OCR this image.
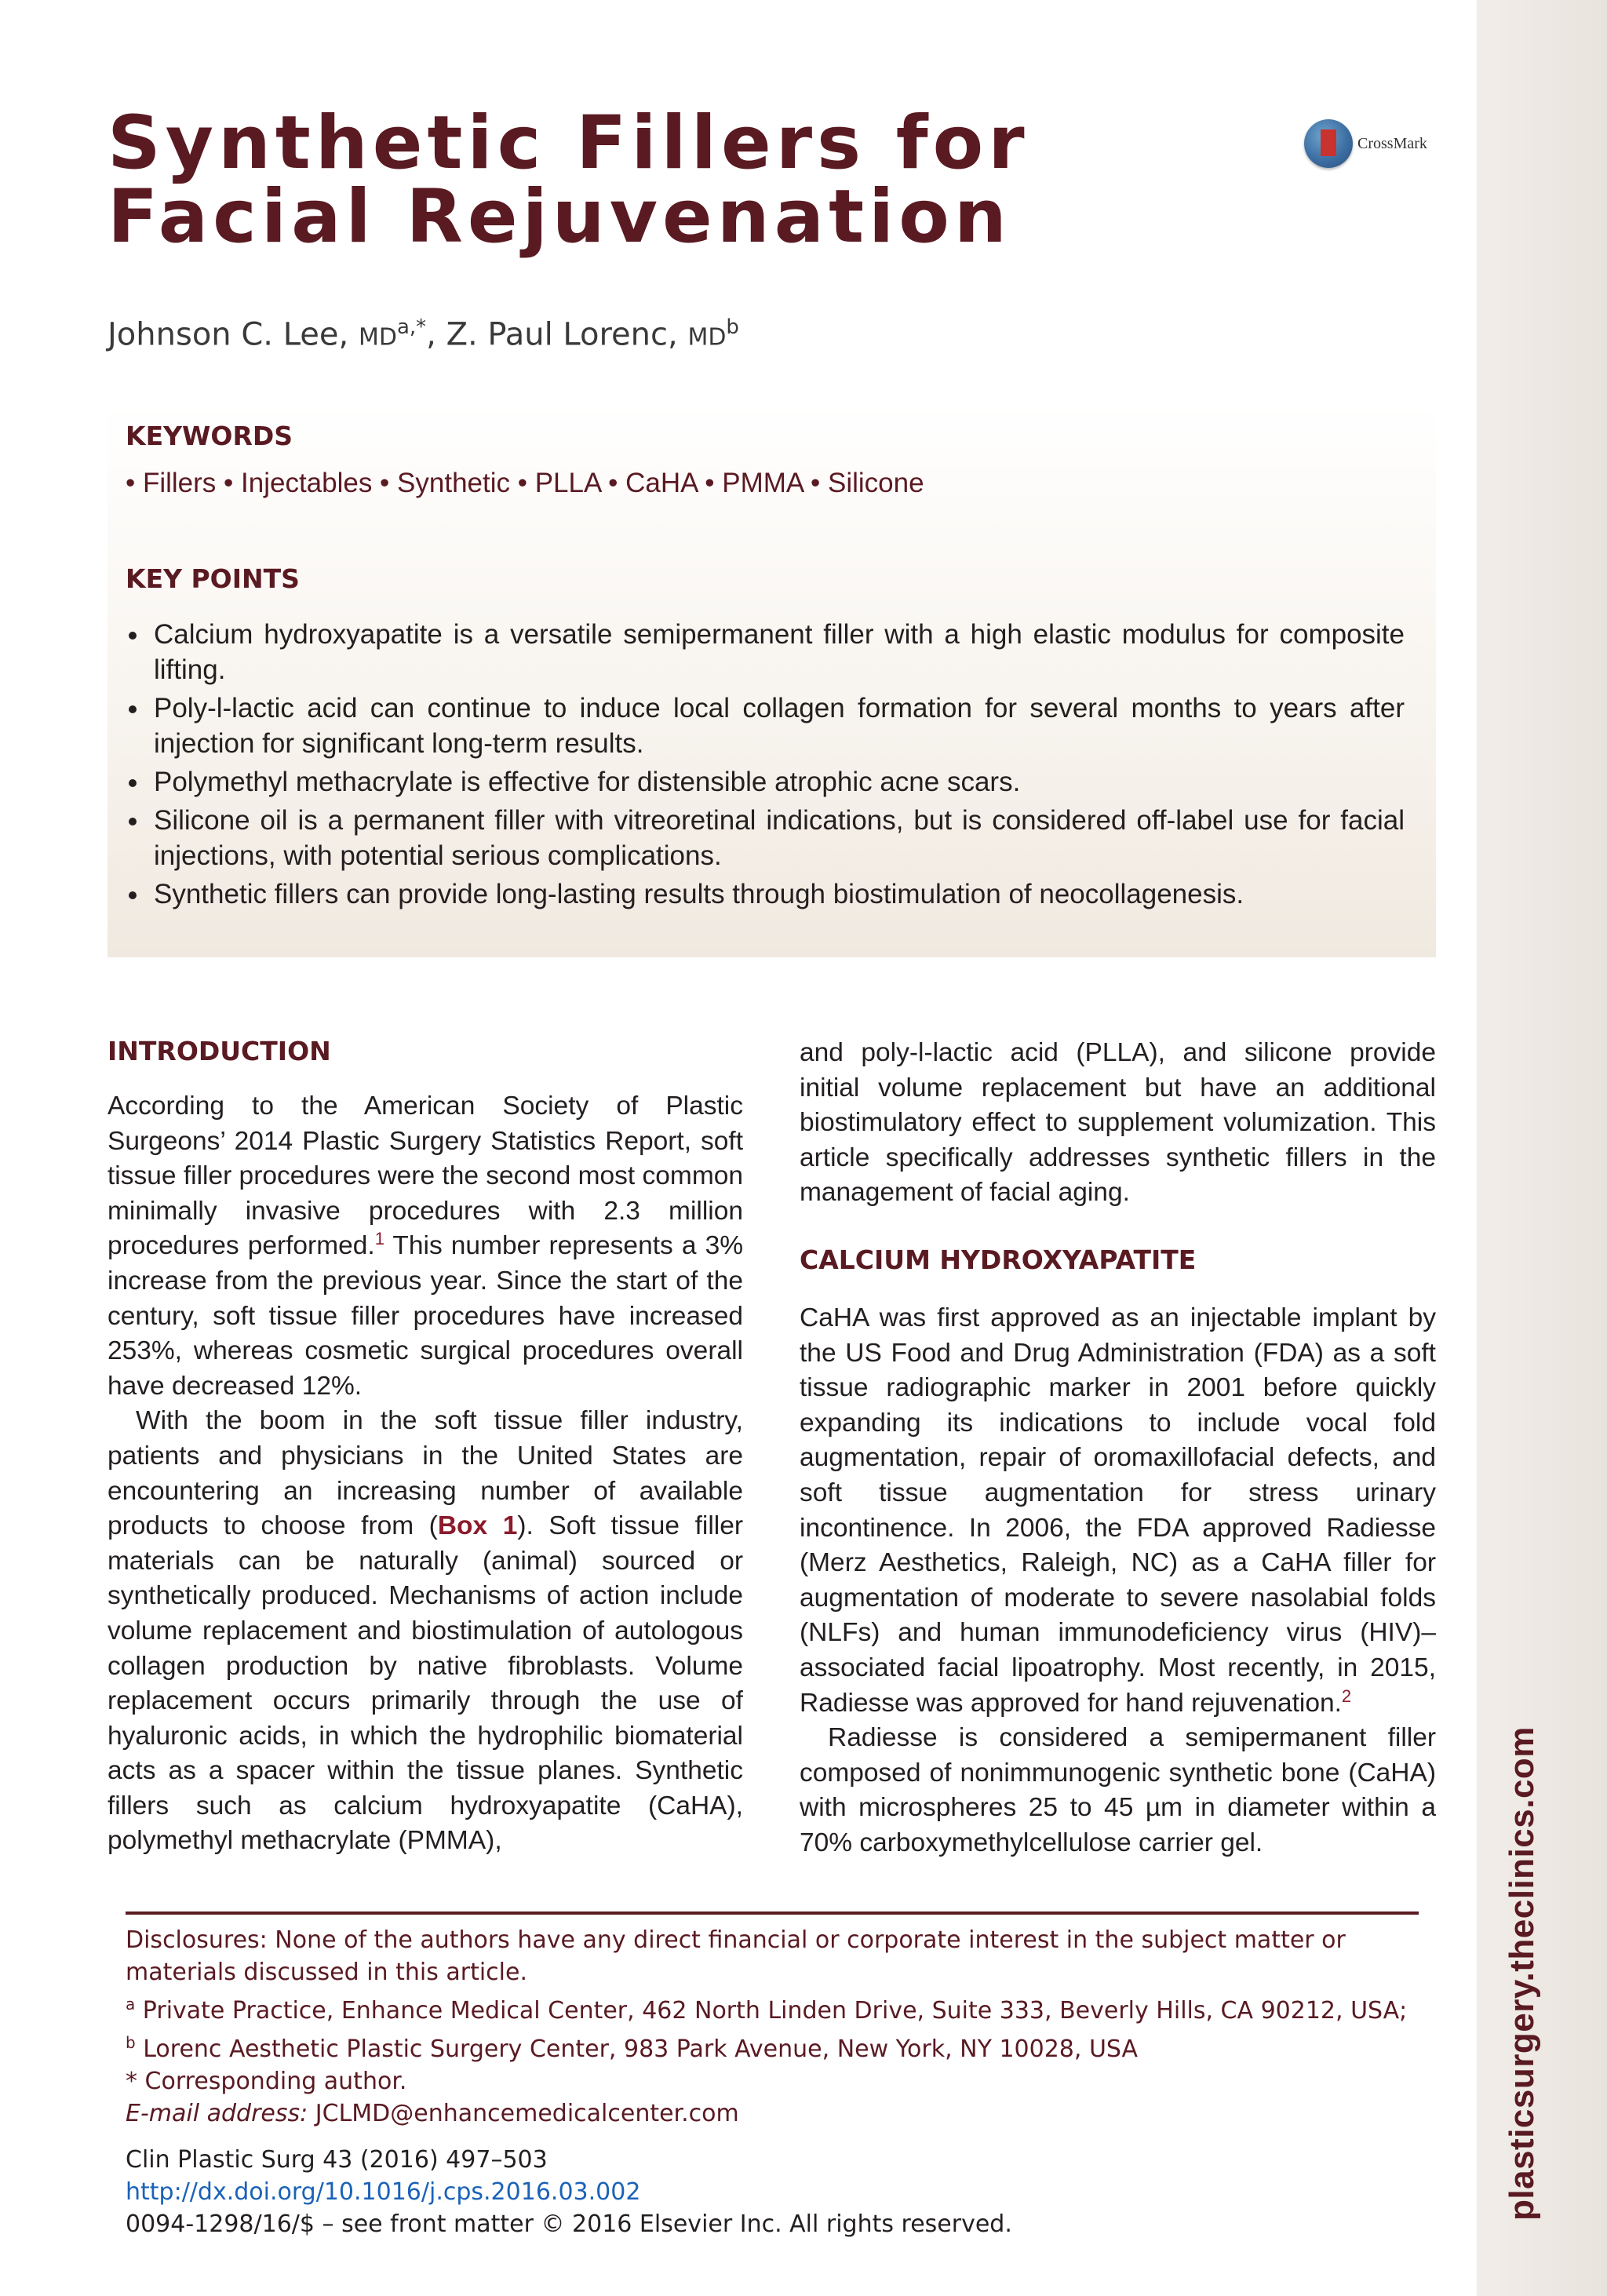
plasticsurgery.theclinics.com
Synthetic Fillers for Facial Rejuvenation
CrossMark
Johnson C. Lee, $MD^{a,*}$, Z. Paul Lorenc, $MD^b$
KEYWORDS
• Fillers • Injectables • Synthetic • PLLA • CaHA • PMMA • Silicone
KEY POINTS
Calcium hydroxyapatite is a versatile semipermanent filler with a high elastic modulus for composite lifting.
Poly-l-lactic acid can continue to induce local collagen formation for several months to years after injection for significant long-term results.
Polymethyl methacrylate is effective for distensible atrophic acne scars.
Silicone oil is a permanent filler with vitreoretinal indications, but is considered off-label use for facial injections, with potential serious complications.
Synthetic fillers can provide long-lasting results through biostimulation of neocollagenesis.
INTRODUCTION

According to the American Society of Plastic Surgeons’ 2014 Plastic Surgery Statistics Report, soft tissue filler procedures were the second most common minimally invasive procedures with 2.3 million procedures performed.$^1$ This number represents a 3% increase from the previous year. Since the start of the century, soft tissue filler procedures have increased 253%, whereas cosmetic surgical procedures overall have decreased 12%.

With the boom in the soft tissue filler industry, patients and physicians in the United States are encountering an increasing number of available products to choose from (Box 1). Soft tissue filler materials can be naturally (animal) sourced or synthetically produced. Mechanisms of action include volume replacement and biostimulation of autologous collagen production by native fibroblasts. Volume replacement occurs primarily through the use of hyaluronic acids, in which the hydrophilic biomaterial acts as a spacer within the tissue planes. Synthetic fillers such as calcium hydroxyapatite (CaHA), polymethyl methacrylate (PMMA),

and poly-l-lactic acid (PLLA), and silicone provide initial volume replacement but have an additional biostimulatory effect to supplement volumization. This article specifically addresses synthetic fillers in the management of facial aging.

CALCIUM HYDROXYAPATITE

CaHA was first approved as an injectable implant by the US Food and Drug Administration (FDA) as a soft tissue radiographic marker in 2001 before quickly expanding its indications to include vocal fold augmentation, repair of oromaxillofacial defects, and soft tissue augmentation for stress urinary incontinence. In 2006, the FDA approved Radiesse (Merz Aesthetics, Raleigh, NC) as a CaHA filler for augmentation of moderate to severe nasolabial folds (NLFs) and human immunodeficiency virus (HIV)–associated facial lipoatrophy. Most recently, in 2015, Radiesse was approved for hand rejuvenation.$^2$

Radiesse is considered a semipermanent filler composed of nonimmunogenic synthetic bone (CaHA) with microspheres 25 to 45 µm in diameter within a 70% carboxymethylcellulose carrier gel.

Disclosures: None of the authors have any direct financial or corporate interest in the subject matter or materials discussed in this article.

$^a$ Private Practice, Enhance Medical Center, 462 North Linden Drive, Suite 333, Beverly Hills, CA 90212, USA;

$^b$ Lorenc Aesthetic Plastic Surgery Center, 983 Park Avenue, New York, NY 10028, USA

* Corresponding author.

E-mail address: JCLMD@enhancemedicalcenter.com

Clin Plastic Surg 43 (2016) 497–503

http://dx.doi.org/10.1016/j.cps.2016.03.002

0094-1298/16/$ – see front matter © 2016 Elsevier Inc. All rights reserved.
